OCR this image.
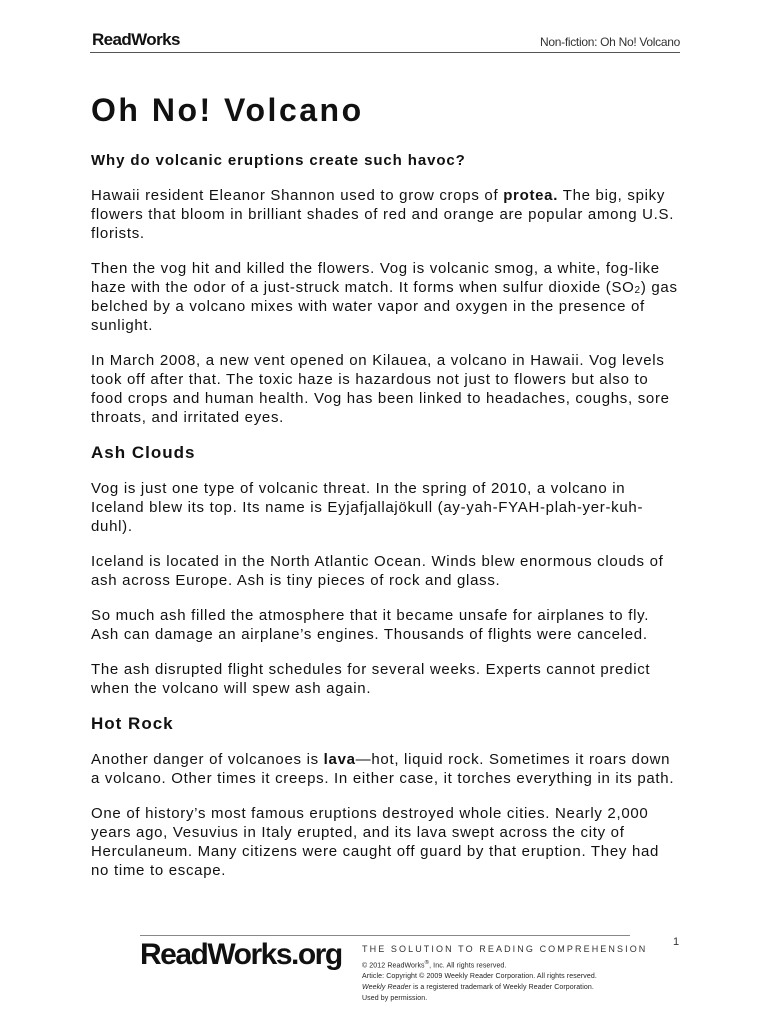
ReadWorks	Non-fiction: Oh No! Volcano
Oh No! Volcano
Why do volcanic eruptions create such havoc?

Hawaii resident Eleanor Shannon used to grow crops of protea. The big, spiky flowers that bloom in brilliant shades of red and orange are popular among U.S. florists.

Then the vog hit and killed the flowers. Vog is volcanic smog, a white, fog-like haze with the odor of a just-struck match. It forms when sulfur dioxide $(SO_2)$ gas belched by a volcano mixes with water vapor and oxygen in the presence of sunlight.

In March 2008, a new vent opened on Kilauea, a volcano in Hawaii. Vog levels took off after that. The toxic haze is hazardous not just to flowers but also to food crops and human health. Vog has been linked to headaches, coughs, sore throats, and irritated eyes.

Ash Clouds

Vog is just one type of volcanic threat. In the spring of 2010, a volcano in Iceland blew its top. Its name is Eyjafjallajökull (ay-yah-FYAH-plah-yer-kuh-duhl).

Iceland is located in the North Atlantic Ocean. Winds blew enormous clouds of ash across Europe. Ash is tiny pieces of rock and glass.

So much ash filled the atmosphere that it became unsafe for airplanes to fly. Ash can damage an airplane’s engines. Thousands of flights were canceled.

The ash disrupted flight schedules for several weeks. Experts cannot predict when the volcano will spew ash again.

Hot Rock

Another danger of volcanoes is lava—hot, liquid rock. Sometimes it roars down a volcano. Other times it creeps. In either case, it torches everything in its path.

One of history’s most famous eruptions destroyed whole cities. Nearly 2,000 years ago, Vesuvius in Italy erupted, and its lava swept across the city of Herculaneum. Many citizens were caught off guard by that eruption. They had no time to escape.

1
ReadWorks.org THE SOLUTION TO READING COMPREHENSION
© 2012 ReadWorks®, Inc. All rights reserved.
Article: Copyright © 2009 Weekly Reader Corporation. All rights reserved.
Weekly Reader is a registered trademark of Weekly Reader Corporation.
Used by permission.
